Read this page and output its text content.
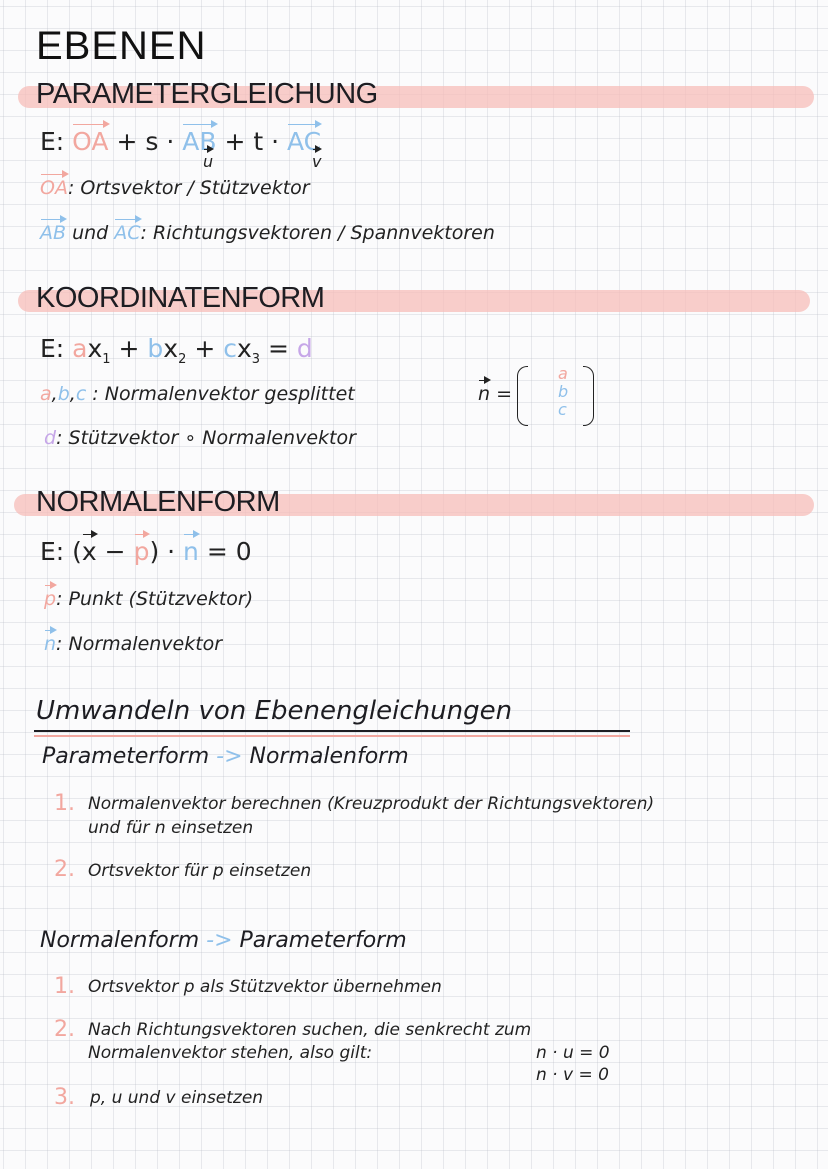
EBENEN
PARAMETERGLEICHUNG
E: OA + s · AB + t · AC
u	v
OA: Ortsvektor / Stützvektor
AB und AC: Richtungsvektoren / Spannvektoren
KOORDINATENFORM
E: $ax_1 + bx_2 + cx_3 = d$
a,b,c : Normalenvektor gesplittet	n =
a
b
c
d: Stützvektor ∘ Normalenvektor
NORMALENFORM
E: (x − p) · n = 0
p: Punkt (Stützvektor)
n: Normalenvektor
Umwandeln von Ebenengleichungen
Parameterform -> Normalenform
1. Normalenvektor berechnen (Kreuzprodukt der Richtungsvektoren)
und für n einsetzen
2. Ortsvektor für p einsetzen
Normalenform -> Parameterform
1. Ortsvektor p als Stützvektor übernehmen
2. Nach Richtungsvektoren suchen, die senkrecht zum
Normalenvektor stehen, also gilt:	n · u = 0
n · v = 0
3. p, u und v einsetzen
